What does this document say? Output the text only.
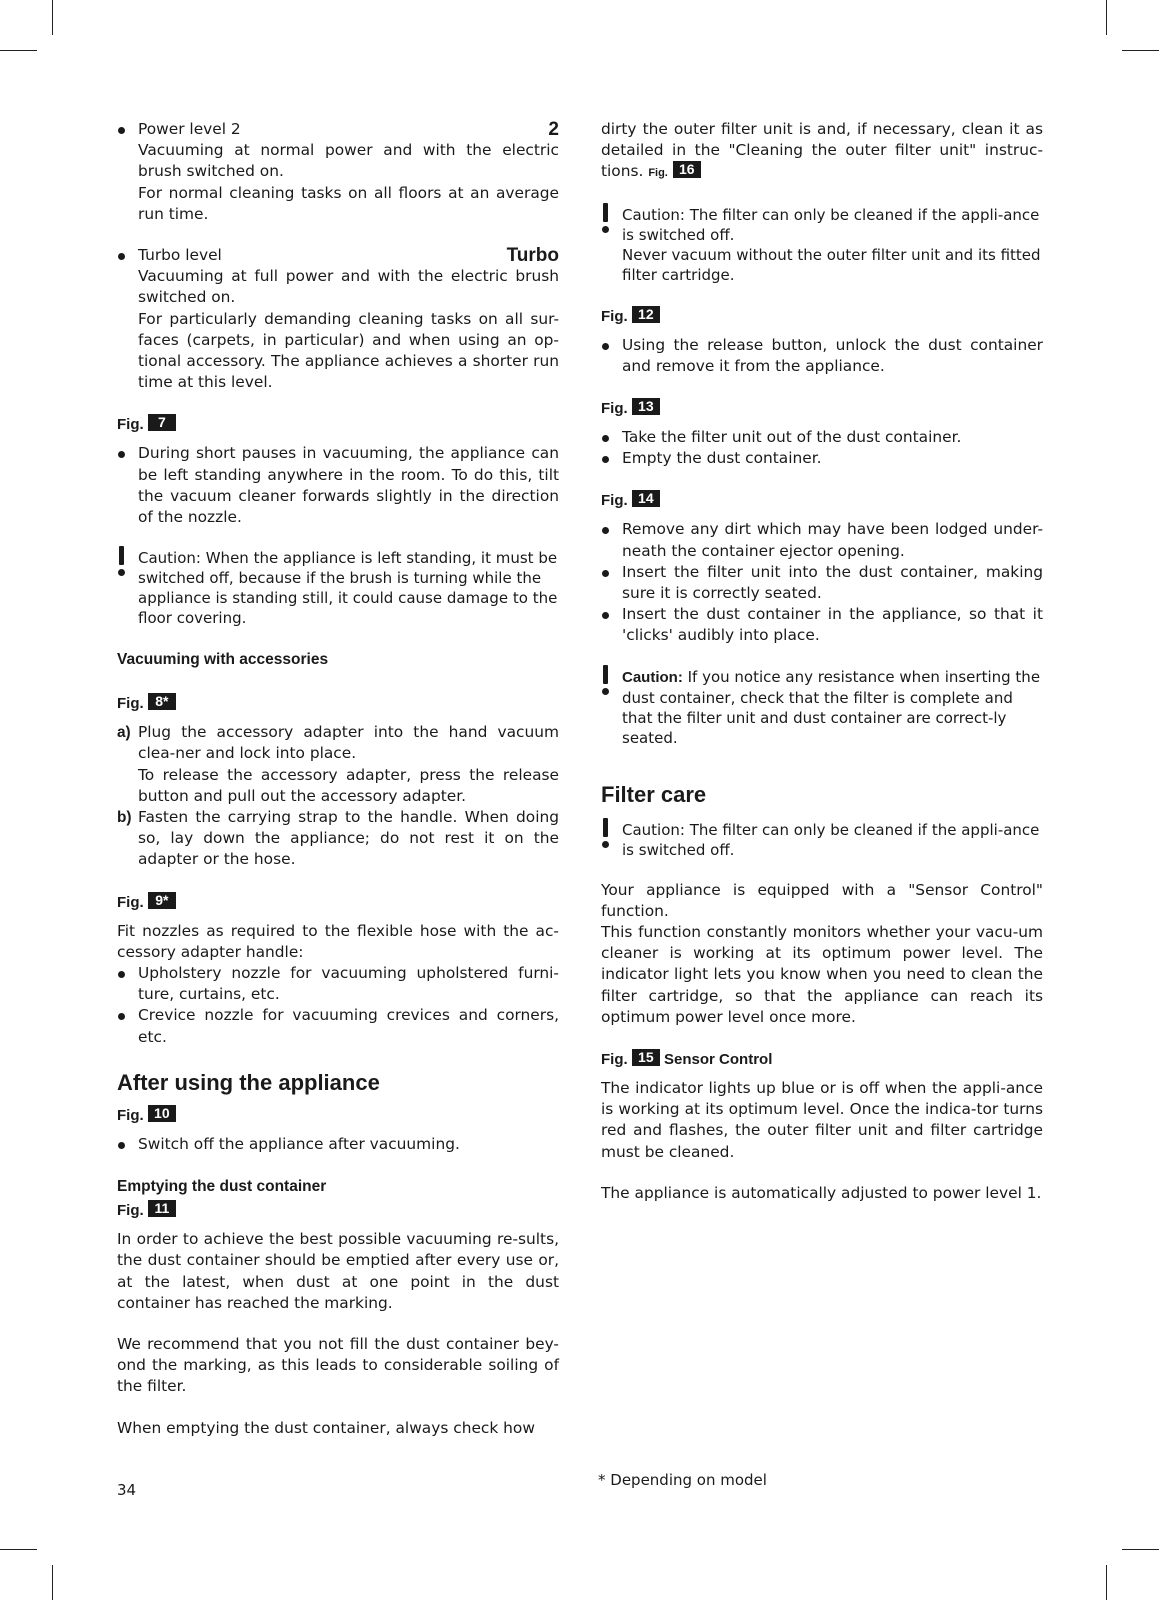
Power level 2	2
Vacuuming at normal power and with the electric brush switched on.
For normal cleaning tasks on all floors at an average run time.
Turbo level	Turbo
Vacuuming at full power and with the electric brush switched on.
For particularly demanding cleaning tasks on all sur-faces (carpets, in particular) and when using an op-tional accessory. The appliance achieves a shorter run time at this level.
Fig. 7
During short pauses in vacuuming, the appliance can be left standing anywhere in the room. To do this, tilt the vacuum cleaner forwards slightly in the direction of the nozzle.
Caution: When the appliance is left standing, it must be switched off, because if the brush is turning while the appliance is standing still, it could cause damage to the floor covering.
Vacuuming with accessories
Fig. 8*
a) Plug the accessory adapter into the hand vacuum clea-ner and lock into place.
To release the accessory adapter, press the release button and pull out the accessory adapter.
b) Fasten the carrying strap to the handle. When doing so, lay down the appliance; do not rest it on the adapter or the hose.
Fig. 9*
Fit nozzles as required to the flexible hose with the ac-cessory adapter handle:
Upholstery nozzle for vacuuming upholstered furni-ture, curtains, etc.
Crevice nozzle for vacuuming crevices and corners, etc.
After using the appliance
Fig. 10
Switch off the appliance after vacuuming.
Emptying the dust container
Fig. 11
In order to achieve the best possible vacuuming re-sults, the dust container should be emptied after every use or, at the latest, when dust at one point in the dust container has reached the marking.
We recommend that you not fill the dust container bey-ond the marking, as this leads to considerable soiling of the filter.
When emptying the dust container, always check how
dirty the outer filter unit is and, if necessary, clean it as detailed in the "Cleaning the outer filter unit" instruc-tions. Fig. 16
Caution: The filter can only be cleaned if the appli-ance is switched off.
Never vacuum without the outer filter unit and its fitted filter cartridge.
Fig. 12
Using the release button, unlock the dust container and remove it from the appliance.
Fig. 13
Take the filter unit out of the dust container.
Empty the dust container.
Fig. 14
Remove any dirt which may have been lodged under-neath the container ejector opening.
Insert the filter unit into the dust container, making sure it is correctly seated.
Insert the dust container in the appliance, so that it 'clicks' audibly into place.
Caution: If you notice any resistance when inserting the dust container, check that the filter is complete and that the filter unit and dust container are correct-ly seated.
Filter care
Caution: The filter can only be cleaned if the appli-ance is switched off.
Your appliance is equipped with a "Sensor Control" function.
This function constantly monitors whether your vacu-um cleaner is working at its optimum power level. The indicator light lets you know when you need to clean the filter cartridge, so that the appliance can reach its optimum power level once more.
Fig. 15 Sensor Control
The indicator lights up blue or is off when the appli-ance is working at its optimum level. Once the indica-tor turns red and flashes, the outer filter unit and filter cartridge must be cleaned.
The appliance is automatically adjusted to power level 1.
34
* Depending on model
